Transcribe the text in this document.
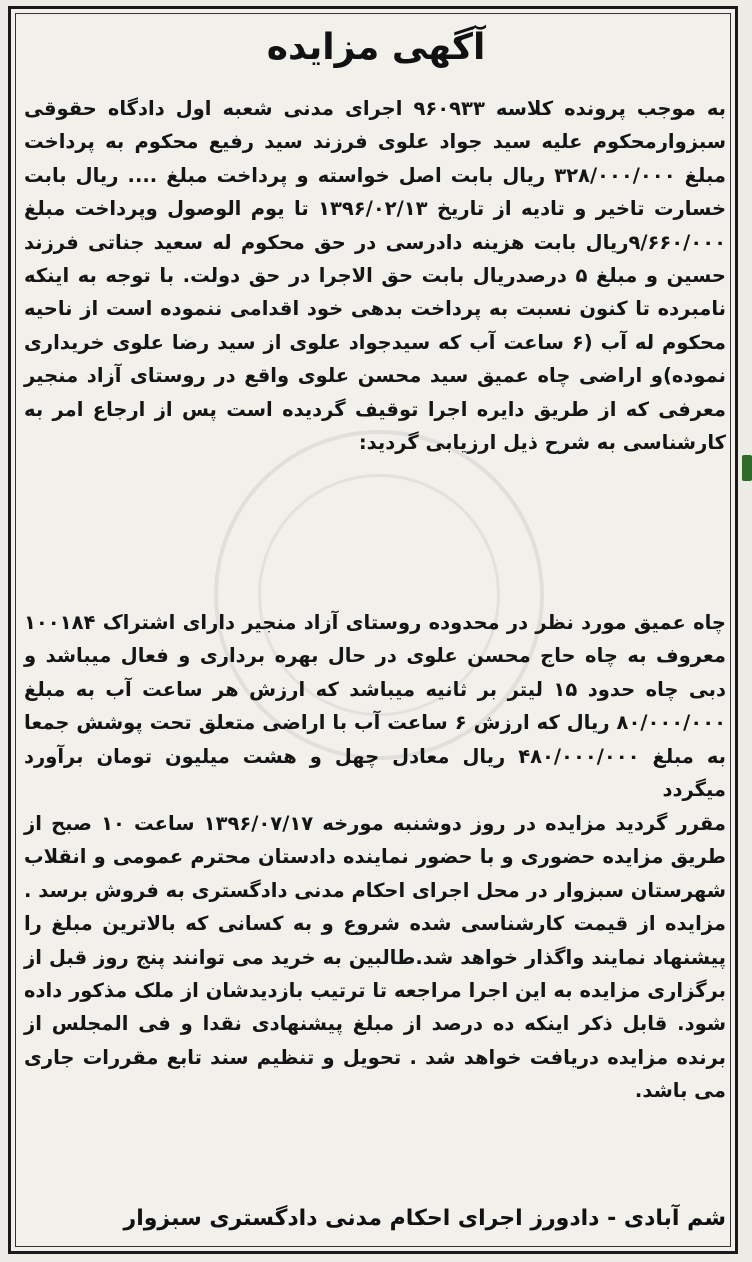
آگهی مزایده
به موجب پرونده کلاسه ۹۶۰۹۳۳ اجرای مدنی شعبه اول دادگاه حقوقی سبزوارمحکوم علیه سید جواد علوی فرزند سید رفیع محکوم به پرداخت مبلغ ۳۲۸/۰۰۰/۰۰۰ ریال بابت اصل خواسته و پرداخت مبلغ .... ریال بابت خسارت تاخیر و تادیه از تاریخ ۱۳۹۶/۰۲/۱۳ تا یوم الوصول وپرداخت مبلغ ۹/۶۶۰/۰۰۰ریال بابت هزینه دادرسی در حق محکوم له سعید جناتی فرزند حسین و مبلغ ۵ درصدریال بابت حق الاجرا در حق دولت. با توجه به اینکه نامبرده تا کنون نسبت به پرداخت بدهی خود اقدامی ننموده است از ناحیه محکوم له آب (۶ ساعت آب که سیدجواد علوی از سید رضا علوی خریداری نموده)و اراضی چاه عمیق سید محسن علوی واقع در روستای آزاد منجیر معرفی که از طریق دایره اجرا توقیف گردیده است پس از ارجاع امر به کارشناسی به شرح ذیل ارزیابی گردید:
چاه عمیق مورد نظر در محدوده روستای آزاد منجیر دارای اشتراک ۱۰۰۱۸۴ معروف به چاه حاج محسن علوی در حال بهره برداری و فعال میباشد و دبی چاه حدود ۱۵ لیتر بر ثانیه میباشد که ارزش هر ساعت آب به مبلغ ۸۰/۰۰۰/۰۰۰ ریال که ارزش ۶ ساعت آب با اراضی متعلق تحت پوشش جمعا به مبلغ ۴۸۰/۰۰۰/۰۰۰ ریال معادل چهل و هشت میلیون تومان برآورد میگردد
مقرر گردید مزایده در روز دوشنبه مورخه ۱۳۹۶/۰۷/۱۷ ساعت ۱۰ صبح از طریق مزایده حضوری و با حضور نماینده دادستان محترم عمومی و انقلاب شهرستان سبزوار در محل اجرای احکام مدنی دادگستری به فروش برسد . مزایده از قیمت کارشناسی شده شروع و به کسانی که بالاترین مبلغ را پیشنهاد نمایند واگذار خواهد شد.طالبین به خرید می توانند پنج روز قبل از برگزاری مزایده به این اجرا مراجعه تا ترتیب بازدیدشان از ملک مذکور داده شود. قابل ذکر اینکه ده درصد از مبلغ پیشنهادی نقدا و فی المجلس از برنده مزایده دریافت خواهد شد . تحویل و تنظیم سند تابع مقررات جاری می باشد.
شم آبادی - دادورز اجرای احکام مدنی دادگستری سبزوار
